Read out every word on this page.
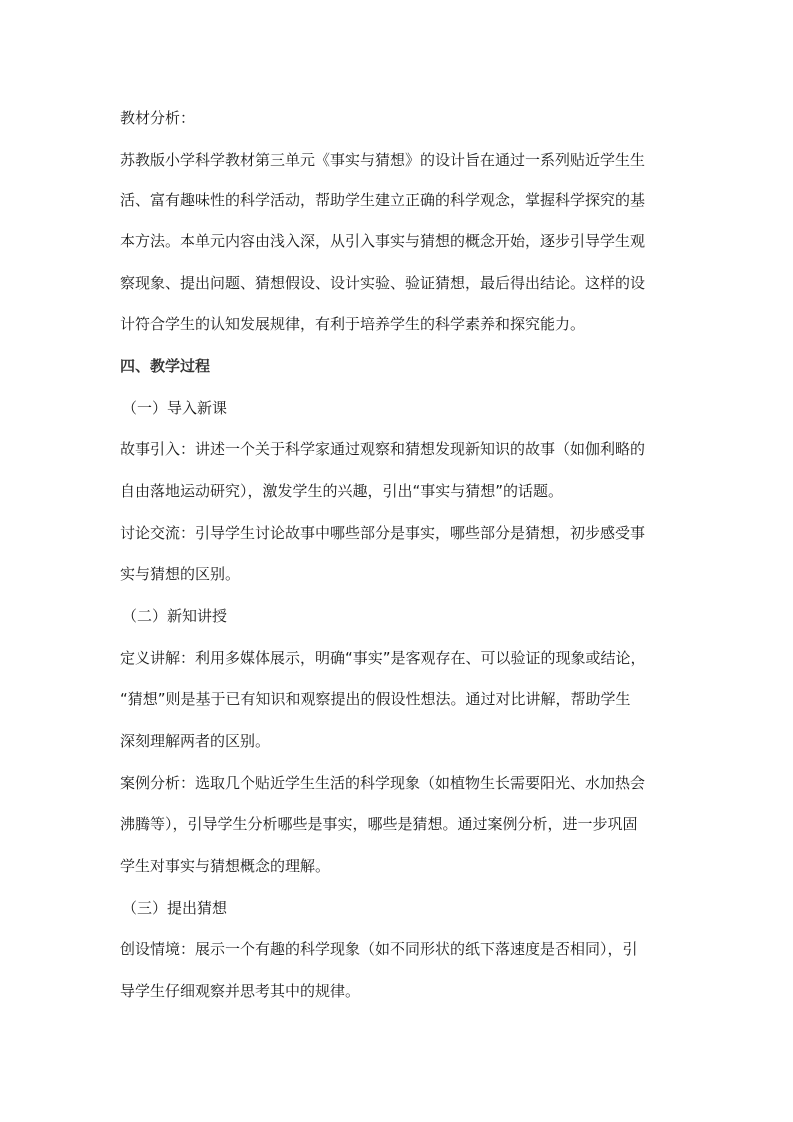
教材分析：
苏教版小学科学教材第三单元《事实与猜想》的设计旨在通过一系列贴近学生生
活、富有趣味性的科学活动，帮助学生建立正确的科学观念，掌握科学探究的基
本方法。本单元内容由浅入深，从引入事实与猜想的概念开始，逐步引导学生观
察现象、提出问题、猜想假设、设计实验、验证猜想，最后得出结论。这样的设
计符合学生的认知发展规律，有利于培养学生的科学素养和探究能力。
四、教学过程
（一）导入新课
故事引入：讲述一个关于科学家通过观察和猜想发现新知识的故事（如伽利略的
自由落地运动研究），激发学生的兴趣，引出“事实与猜想”的话题。
讨论交流：引导学生讨论故事中哪些部分是事实，哪些部分是猜想，初步感受事
实与猜想的区别。
（二）新知讲授
定义讲解：利用多媒体展示，明确“事实”是客观存在、可以验证的现象或结论，
“猜想”则是基于已有知识和观察提出的假设性想法。通过对比讲解，帮助学生
深刻理解两者的区别。
案例分析：选取几个贴近学生生活的科学现象（如植物生长需要阳光、水加热会
沸腾等），引导学生分析哪些是事实，哪些是猜想。通过案例分析，进一步巩固
学生对事实与猜想概念的理解。
（三）提出猜想
创设情境：展示一个有趣的科学现象（如不同形状的纸下落速度是否相同），引
导学生仔细观察并思考其中的规律。
